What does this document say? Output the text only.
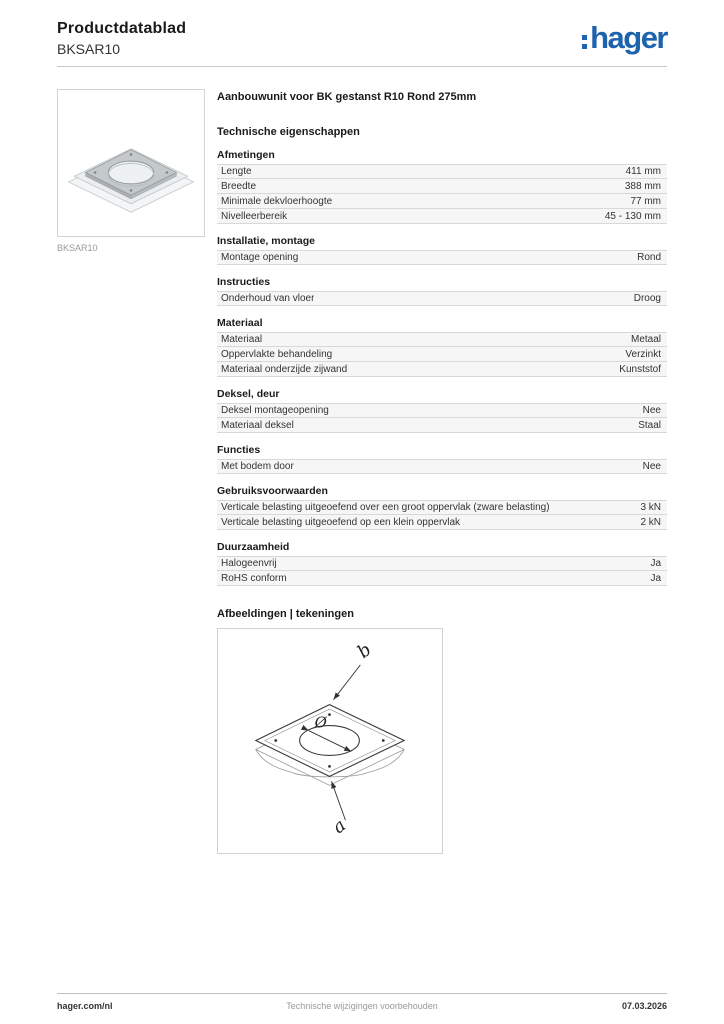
Productdatablad
BKSAR10	hager
BKSAR10
Aanbouwunit voor BK gestanst R10 Rond 275mm
Technische eigenschappen
Afmetingen
Lengte	411 mm
Breedte	388 mm
Minimale dekvloerhoogte	77 mm
Nivelleerbereik	45 - 130 mm
Installatie, montage
Montage opening	Rond
Instructies
Onderhoud van vloer	Droog
Materiaal
Materiaal	Metaal
Oppervlakte behandeling	Verzinkt
Materiaal onderzijde zijwand	Kunststof
Deksel, deur
Deksel montageopening	Nee
Materiaal deksel	Staal
Functies
Met bodem door	Nee
Gebruiksvoorwaarden
Verticale belasting uitgeoefend over een groot oppervlak (zware belasting)	3 kN
Verticale belasting uitgeoefend op een klein oppervlak	2 kN
Duurzaamheid
Halogeenvrij	Ja
RoHS conform	Ja
Afbeeldingen | tekeningen
b
a
Ø
hager.com/nl	Technische wijzigingen voorbehouden	07.03.2026
